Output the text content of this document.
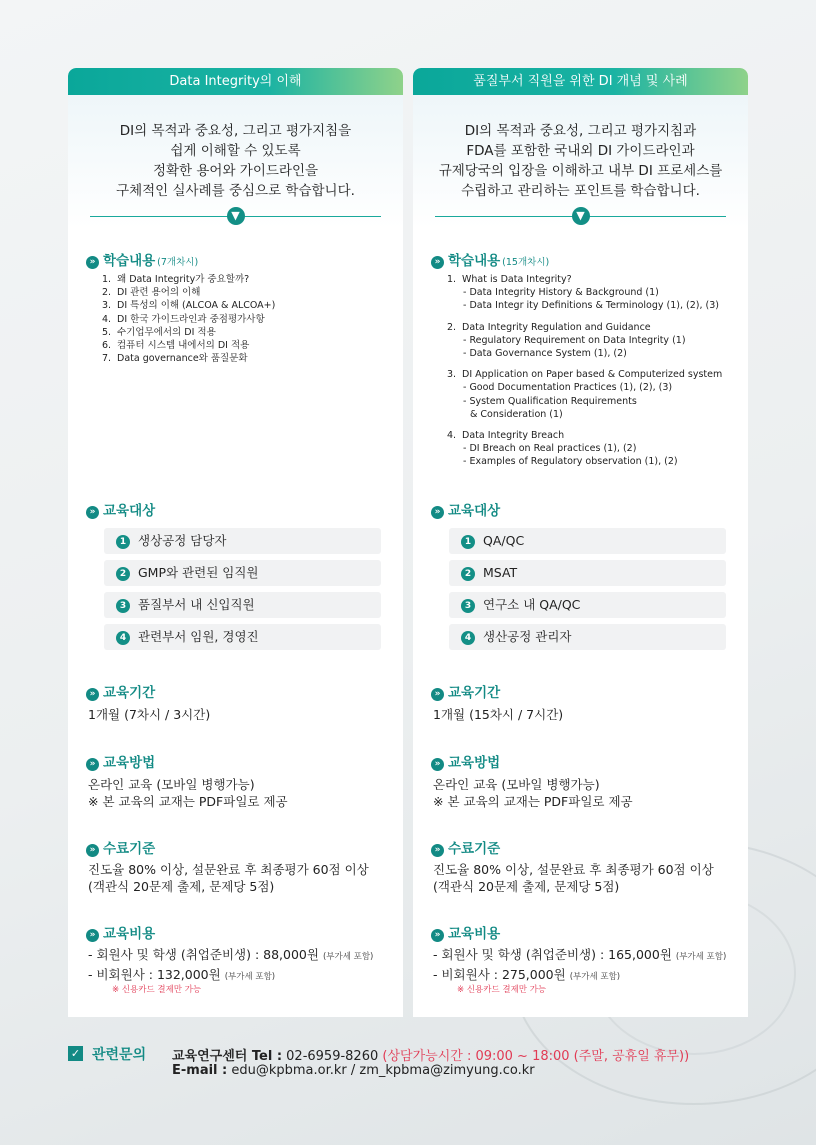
Data Integrity의 이해
DI의 목적과 중요성, 그리고 평가지침을
쉽게 이해할 수 있도록
정확한 용어와 가이드라인을
구체적인 실사례를 중심으로 학습합니다.
▼
» 학습내용 (7개차시)
1. 왜 Data Integrity가 중요할까?
2. DI 관련 용어의 이해
3. DI 특성의 이해 (ALCOA & ALCOA+)
4. DI 한국 가이드라인과 중점평가사항
5. 수기업무에서의 DI 적용
6. 컴퓨터 시스템 내에서의 DI 적용
7. Data governance와 품질문화
» 교육대상
1 생상공정 담당자
2 GMP와 관련된 임직원
3 품질부서 내 신입직원
4 관련부서 임원, 경영진
» 교육기간
1개월 (7차시 / 3시간)
» 교육방법
온라인 교육 (모바일 병행가능)
※ 본 교육의 교재는 PDF파일로 제공
» 수료기준
진도율 80% 이상, 설문완료 후 최종평가 60점 이상
(객관식 20문제 출제, 문제당 5점)
» 교육비용
- 회원사 및 학생 (취업준비생) : 88,000원 (부가세 포함)
- 비회원사 : 132,000원 (부가세 포함)
※ 신용카드 결제만 가능
품질부서 직원을 위한 DI 개념 및 사례
DI의 목적과 중요성, 그리고 평가지침과
FDA를 포함한 국내외 DI 가이드라인과
규제당국의 입장을 이해하고 내부 DI 프로세스를
수립하고 관리하는 포인트를 학습합니다.
▼
» 학습내용 (15개차시)
1. What is Data Integrity?
- Data Integrity History & Background (1)
- Data Integr ity Definitions & Terminology (1), (2), (3)
2. Data Integrity Regulation and Guidance
- Regulatory Requirement on Data Integrity (1)
- Data Governance System (1), (2)
3. DI Application on Paper based & Computerized system
- Good Documentation Practices (1), (2), (3)
- System Qualification Requirements
& Consideration (1)
4. Data Integrity Breach
- DI Breach on Real practices (1), (2)
- Examples of Regulatory observation (1), (2)
» 교육대상
1 QA/QC
2 MSAT
3 연구소 내 QA/QC
4 생산공정 관리자
» 교육기간
1개월 (15차시 / 7시간)
» 교육방법
온라인 교육 (모바일 병행가능)
※ 본 교육의 교재는 PDF파일로 제공
» 수료기준
진도율 80% 이상, 설문완료 후 최종평가 60점 이상
(객관식 20문제 출제, 문제당 5점)
» 교육비용
- 회원사 및 학생 (취업준비생) : 165,000원 (부가세 포함)
- 비회원사 : 275,000원 (부가세 포함)
※ 신용카드 결제만 가능
✓ 관련문의 교육연구센터 Tel : 02-6959-8260 (상담가능시간 : 09:00 ~ 18:00 (주말, 공휴일 휴무))
E-mail : edu@kpbma.or.kr / zm_kpbma@zimyung.co.kr
